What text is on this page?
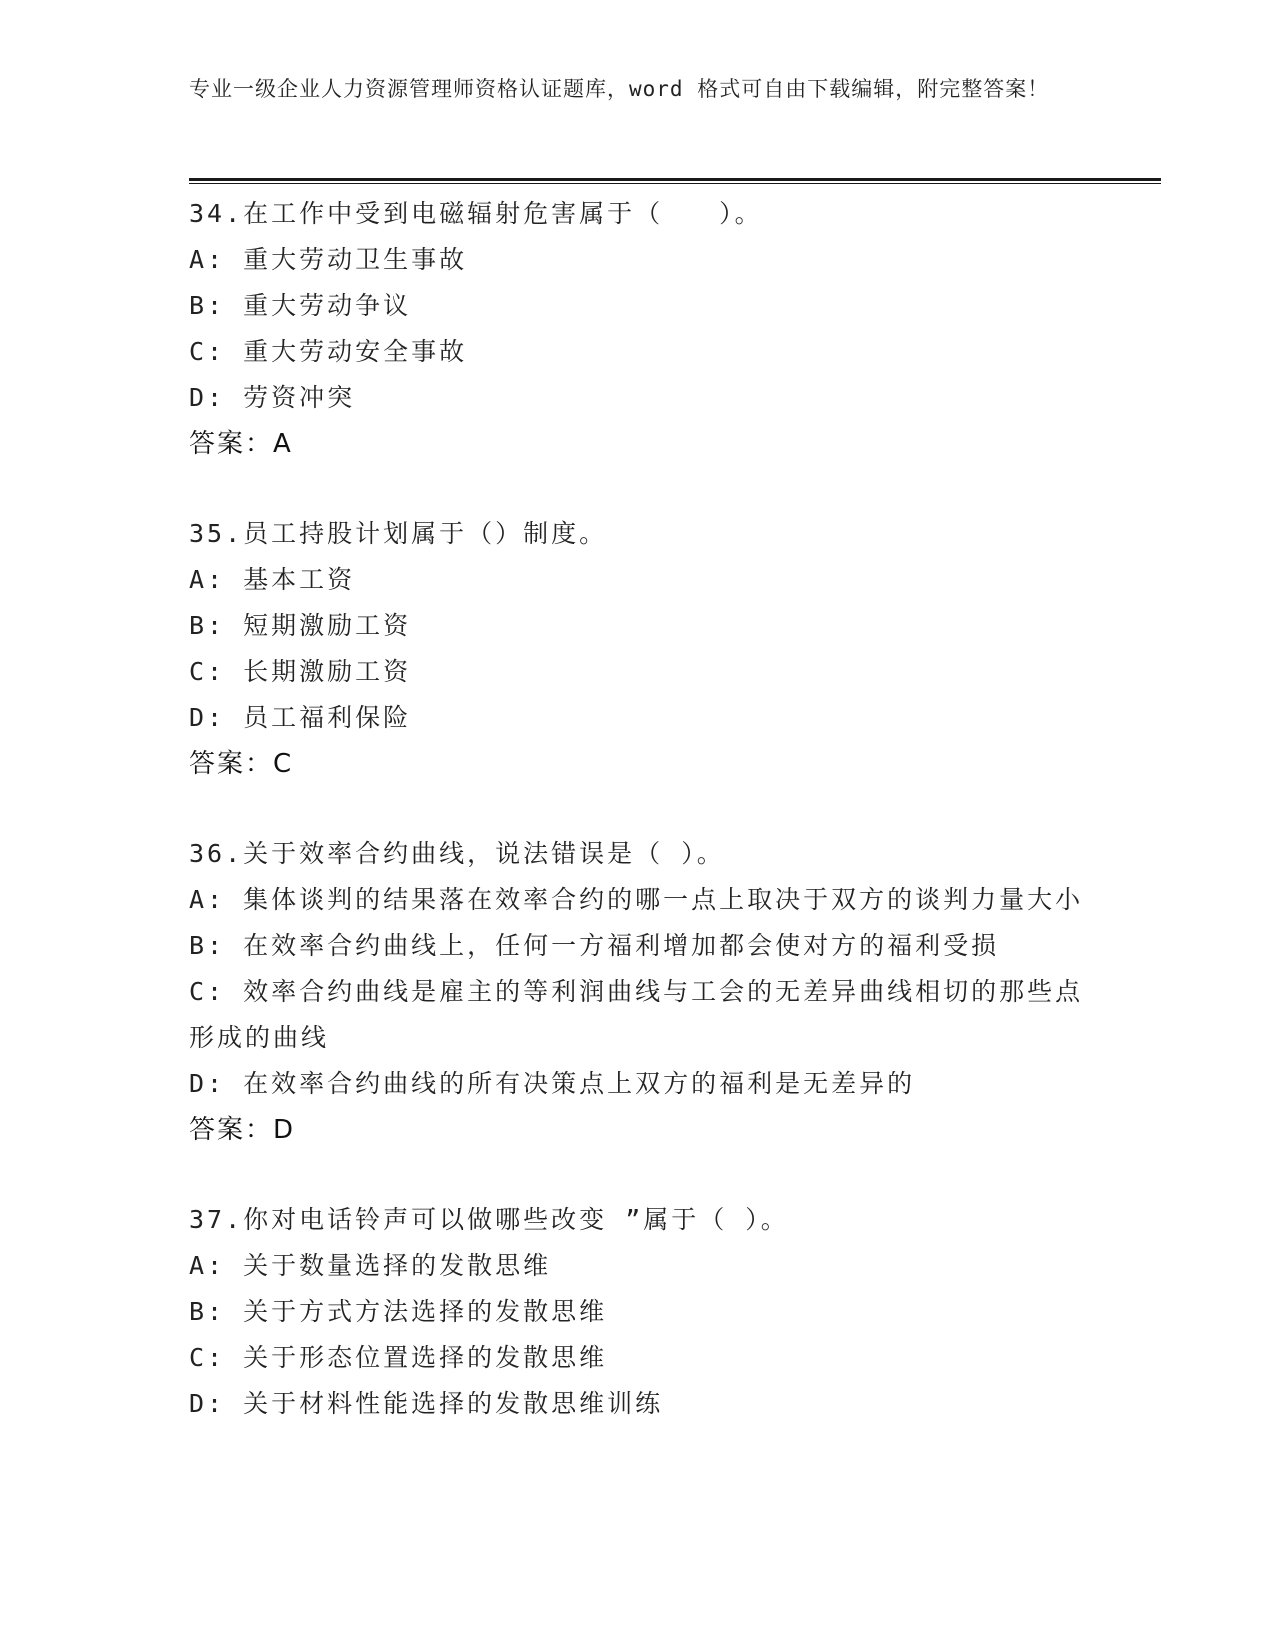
专业一级企业人力资源管理师资格认证题库，word 格式可自由下载编辑，附完整答案！
34.在工作中受到电磁辐射危害属于（　　）。
A: 重大劳动卫生事故
B: 重大劳动争议
C: 重大劳动安全事故
D: 劳资冲突
答案：A
35.员工持股计划属于（）制度。
A: 基本工资
B: 短期激励工资
C: 长期激励工资
D: 员工福利保险
答案：C
36.关于效率合约曲线，说法错误是（ ）。
A: 集体谈判的结果落在效率合约的哪一点上取决于双方的谈判力量大小
B: 在效率合约曲线上，任何一方福利增加都会使对方的福利受损
C: 效率合约曲线是雇主的等利润曲线与工会的无差异曲线相切的那些点形成的曲线
D: 在效率合约曲线的所有决策点上双方的福利是无差异的
答案：D
37.你对电话铃声可以做哪些改变 ”属于（ ）。
A: 关于数量选择的发散思维
B: 关于方式方法选择的发散思维
C: 关于形态位置选择的发散思维
D: 关于材料性能选择的发散思维训练
